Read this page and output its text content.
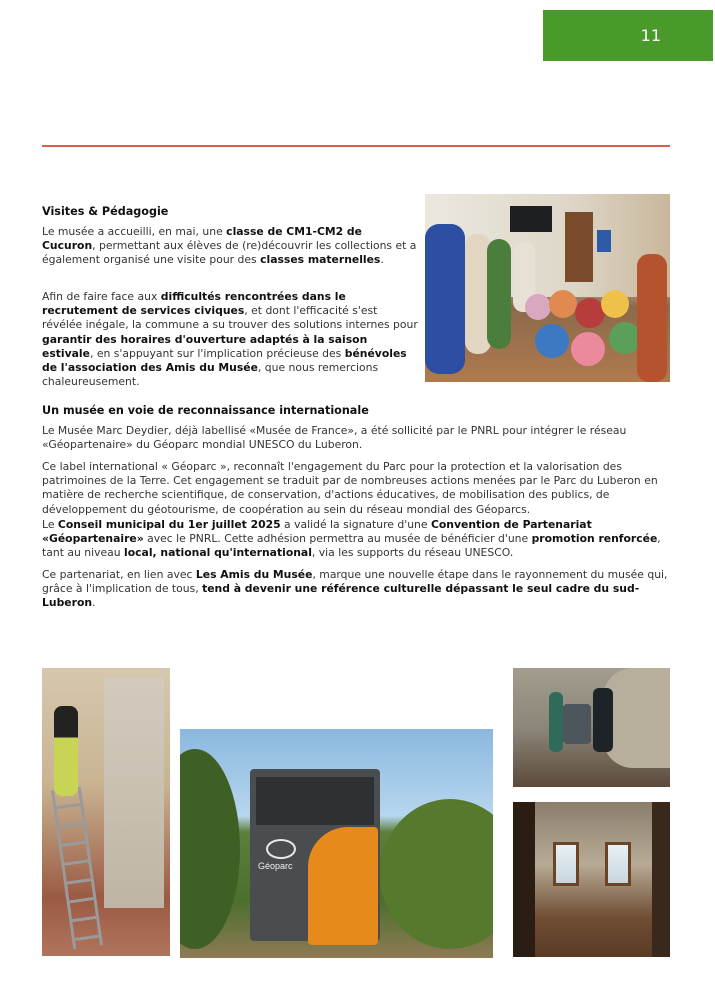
11
Visites & Pédagogie

Le musée a accueilli, en mai, une classe de CM1-CM2 de Cucuron, permettant aux élèves de (re)découvrir les collections et a également organisé une visite pour des classes maternelles.

Afin de faire face aux difficultés rencontrées dans le recrutement de services civiques, et dont l'efficacité s'est révélée inégale, la commune a su trouver des solutions internes pour garantir des horaires d'ouverture adaptés à la saison estivale, en s'appuyant sur l'implication précieuse des bénévoles de l'association des Amis du Musée, que nous remercions chaleureusement.

Un musée en voie de reconnaissance internationale

Le Musée Marc Deydier, déjà labellisé «Musée de France», a été sollicité par le PNRL pour intégrer le réseau «Géopartenaire» du Géoparc mondial UNESCO du Luberon.

Ce label international « Géoparc », reconnaît l'engagement du Parc pour la protection et la valorisation des patrimoines de la Terre. Cet engagement se traduit par de nombreuses actions menées par le Parc du Luberon en matière de recherche scientifique, de conservation, d'actions éducatives, de mobilisation des publics, de développement du géotourisme, de coopération au sein du réseau mondial des Géoparcs.

Le Conseil municipal du 1er juillet 2025 a validé la signature d'une Convention de Partenariat «Géopartenaire» avec le PNRL. Cette adhésion permettra au musée de bénéficier d'une promotion renforcée, tant au niveau local, national qu'international, via les supports du réseau UNESCO.

Ce partenariat, en lien avec Les Amis du Musée, marque une nouvelle étape dans le rayonnement du musée qui, grâce à l'implication de tous, tend à devenir une référence culturelle dépassant le seul cadre du sud-Luberon.

Géoparc
